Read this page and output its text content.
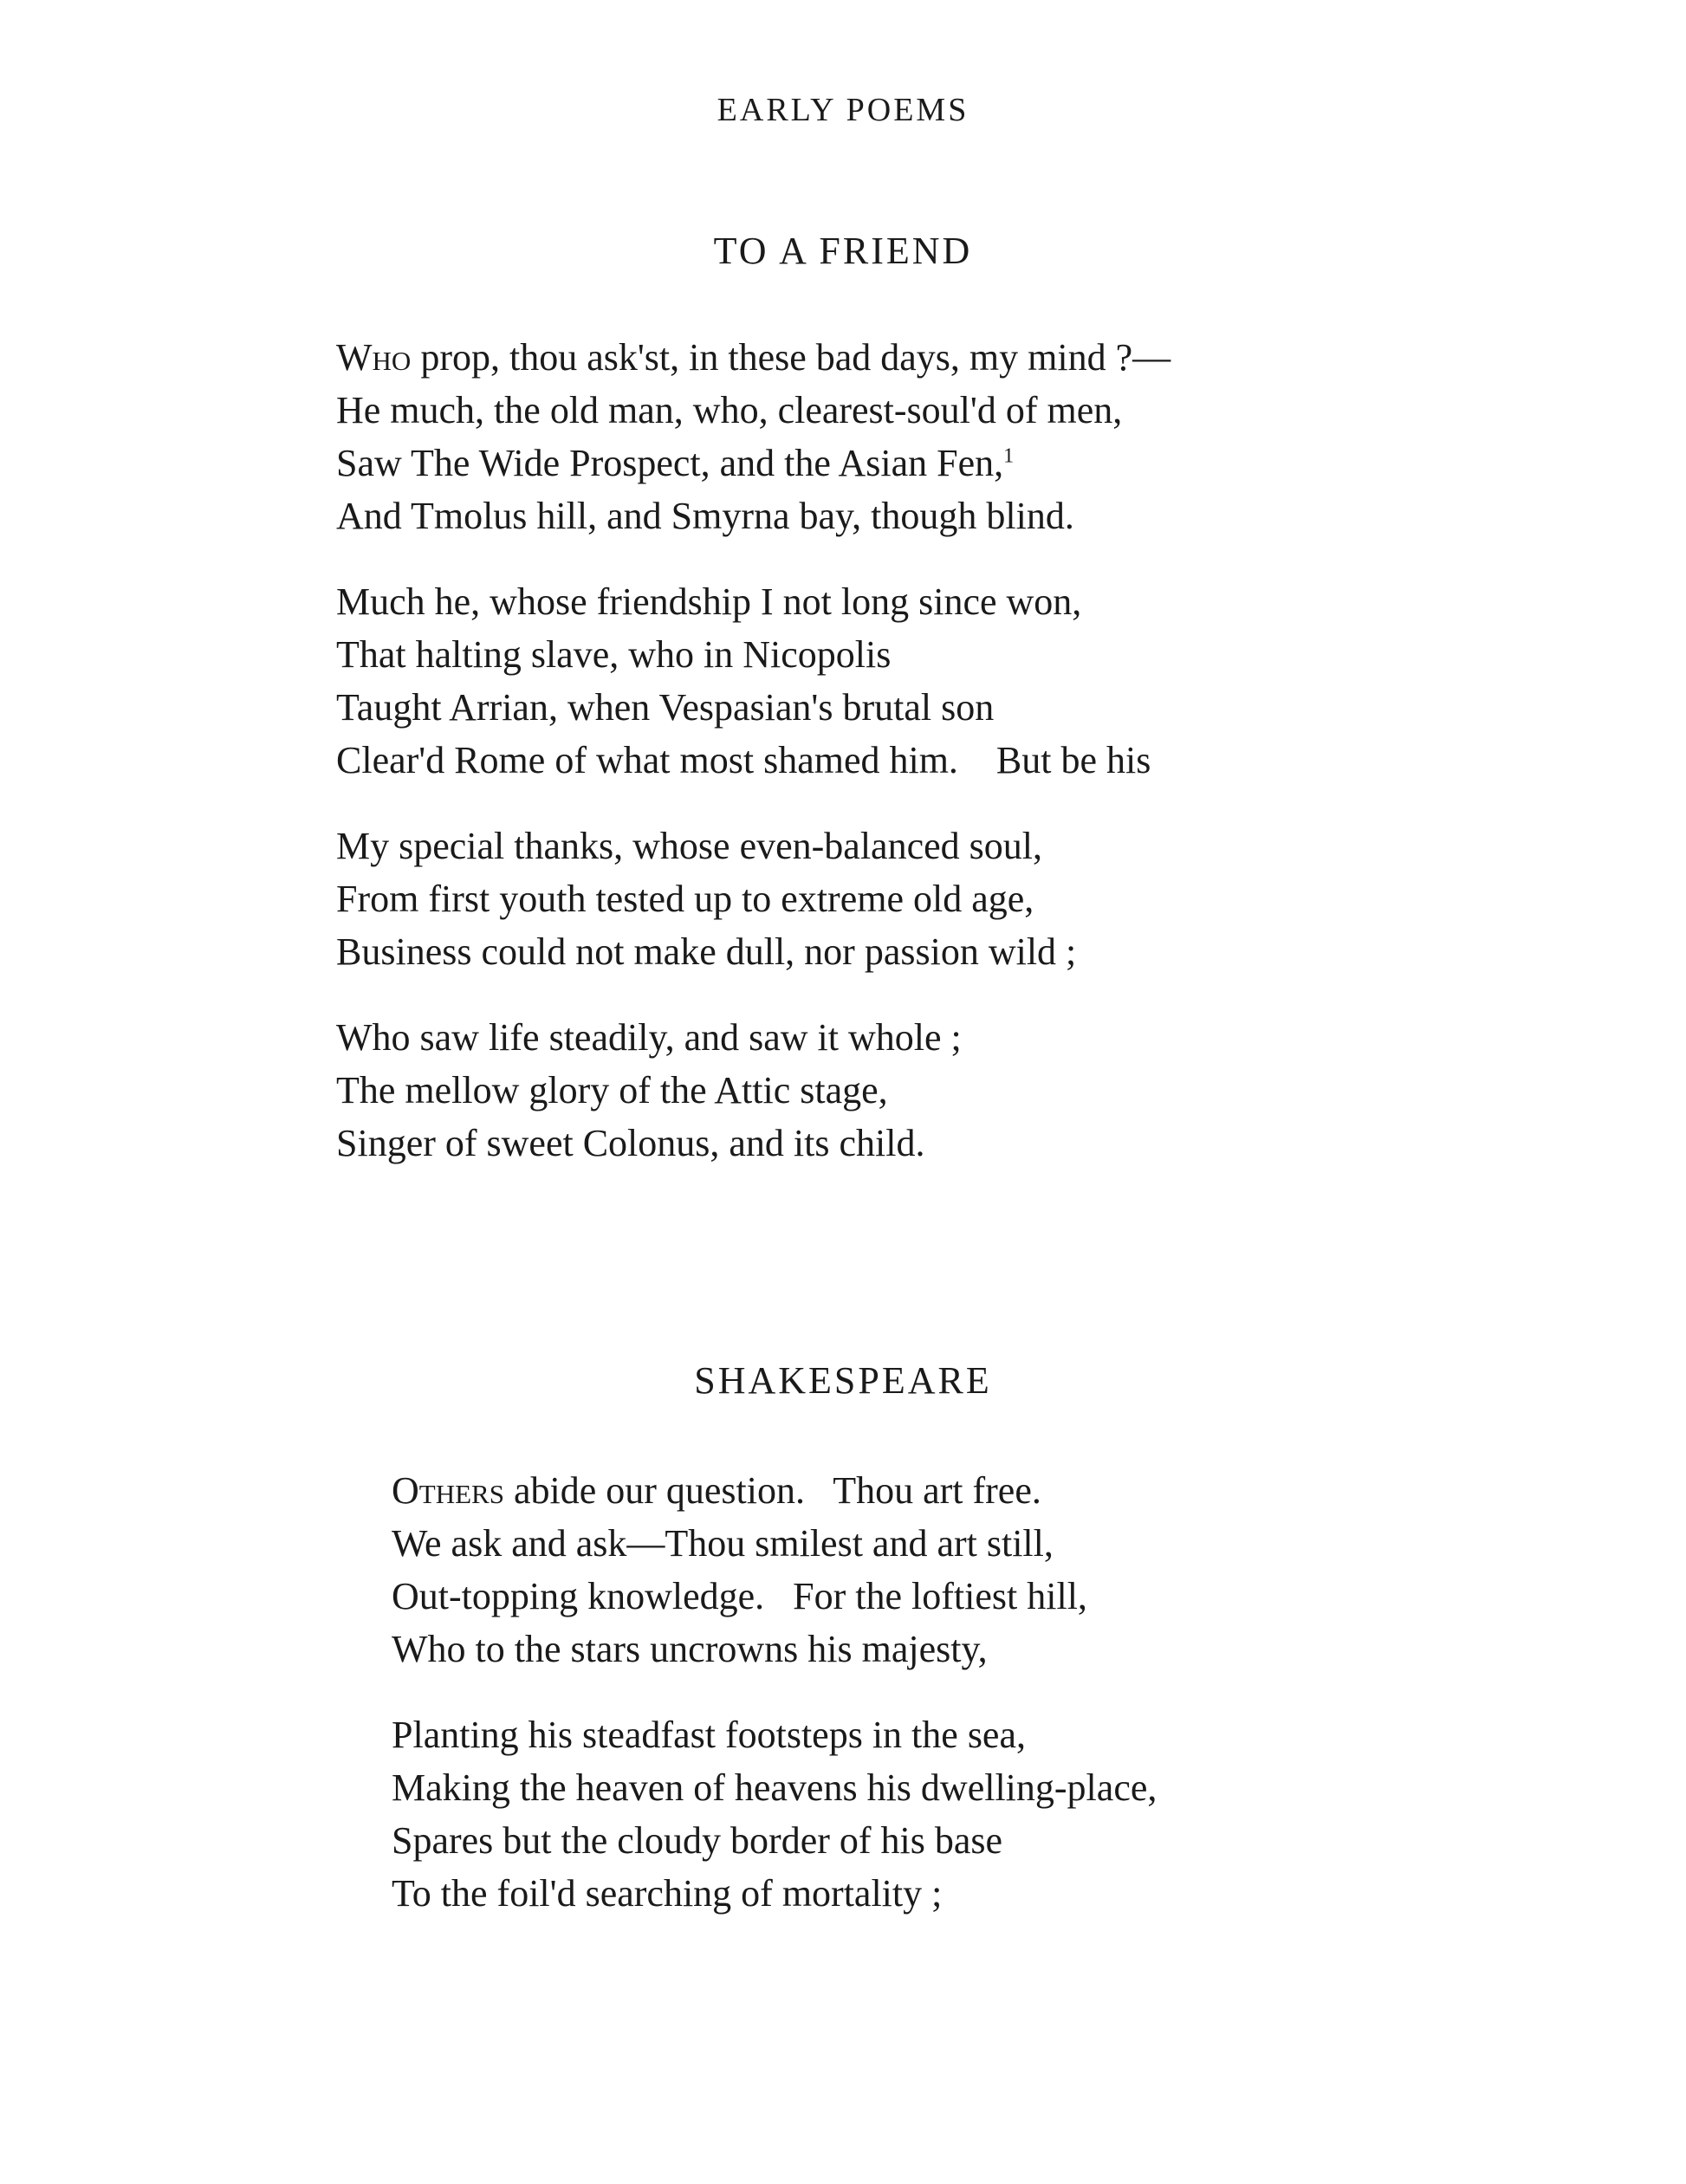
EARLY POEMS
TO A FRIEND
Who prop, thou ask'st, in these bad days, my mind ?—
He much, the old man, who, clearest-soul'd of men,
Saw The Wide Prospect, and the Asian Fen,$^1$
And Tmolus hill, and Smyrna bay, though blind.
Much he, whose friendship I not long since won,
That halting slave, who in Nicopolis
Taught Arrian, when Vespasian's brutal son
Clear'd Rome of what most shamed him.    But be his
My special thanks, whose even-balanced soul,
From first youth tested up to extreme old age,
Business could not make dull, nor passion wild ;
Who saw life steadily, and saw it whole ;
The mellow glory of the Attic stage,
Singer of sweet Colonus, and its child.
SHAKESPEARE
Others abide our question.   Thou art free.
We ask and ask—Thou smilest and art still,
Out-topping knowledge.   For the loftiest hill,
Who to the stars uncrowns his majesty,
Planting his steadfast footsteps in the sea,
Making the heaven of heavens his dwelling-place,
Spares but the cloudy border of his base
To the foil'd searching of mortality ;
